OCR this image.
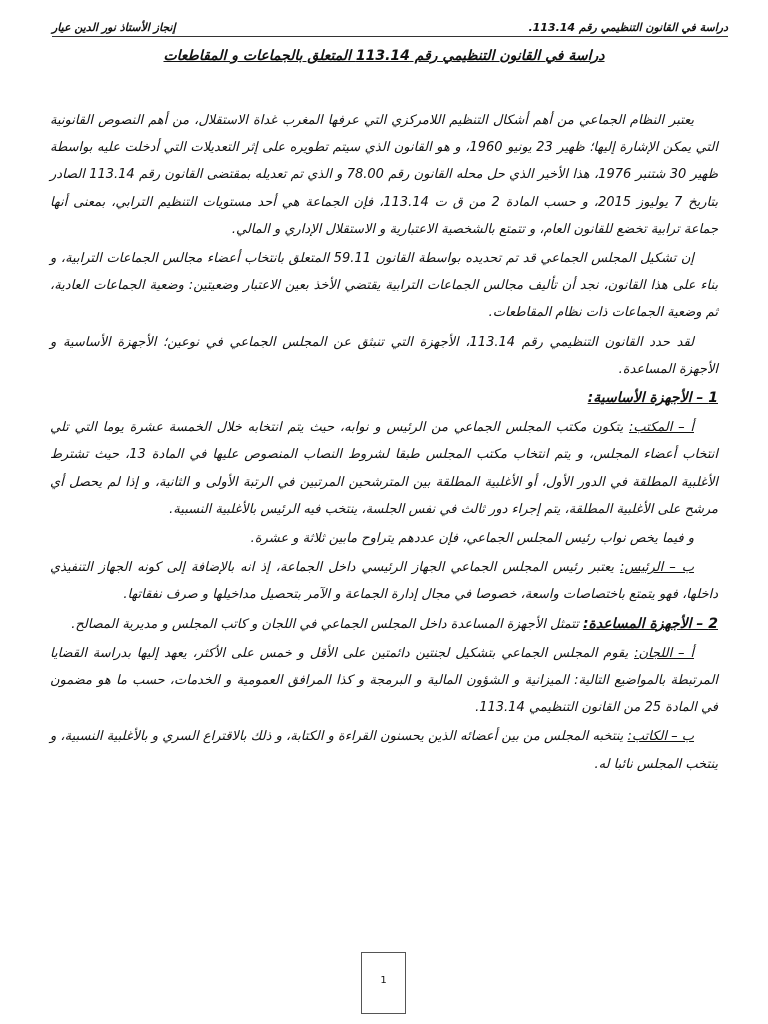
إنجاز الأستاذ نور الدين عيار	دراسة في القانون التنظيمي رقم 113.14.
دراسة في القانون التنظيمي رقم 113.14 المتعلق بالجماعات و المقاطعات

يعتبر النظام الجماعي من أهم أشكال التنظيم اللامركزي التي عرفها المغرب غداة الاستقلال، من أهم النصوص القانونية التي يمكن الإشارة إليها؛ ظهير 23 يونيو 1960، و هو القانون الذي سيتم تطويره على إثر التعديلات التي أدخلت عليه بواسطة ظهير 30 شتنبر 1976، هذا الأخير الذي حل محله القانون رقم 78.00 و الذي تم تعديله بمقتضى القانون رقم 113.14 الصادر بتاريخ 7 يوليوز 2015، و حسب المادة 2 من ق ت 113.14، فإن الجماعة هي أحد مستويات التنظيم الترابي، بمعنى أنها جماعة ترابية تخضع للقانون العام، و تتمتع بالشخصية الاعتبارية و الاستقلال الإداري و المالي.

إن تشكيل المجلس الجماعي قد تم تحديده بواسطة القانون 59.11 المتعلق بانتخاب أعضاء مجالس الجماعات الترابية، و بناء على هذا القانون، نجد أن تأليف مجالس الجماعات الترابية يقتضي الأخذ بعين الاعتبار وضعيتين: وضعية الجماعات العادية، ثم وضعية الجماعات ذات نظام المقاطعات.

لقد حدد القانون التنظيمي رقم 113.14، الأجهزة التي تنبثق عن المجلس الجماعي في نوعين؛ الأجهزة الأساسية و الأجهزة المساعدة.

1 – الأجهزة الأساسية:

أ – المكتب: يتكون مكتب المجلس الجماعي من الرئيس و نوابه، حيث يتم انتخابه خلال الخمسة عشرة يوما التي تلي انتخاب أعضاء المجلس، و يتم انتخاب مكتب المجلس طبقا لشروط النصاب المنصوص عليها في المادة 13، حيث تشترط الأغلبية المطلقة في الدور الأول، أو الأغلبية المطلقة بين المترشحين المرتبين في الرتبة الأولى و الثانية، و إذا لم يحصل أي مرشح على الأغلبية المطلقة، يتم إجراء دور ثالث في نفس الجلسة، ينتخب فيه الرئيس بالأغلبية النسبية.

و فيما يخص نواب رئيس المجلس الجماعي، فإن عددهم يتراوح مابين ثلاثة و عشرة.

ب – الرئيس: يعتبر رئيس المجلس الجماعي الجهاز الرئيسي داخل الجماعة، إذ انه بالإضافة إلى كونه الجهاز التنفيذي داخلها، فهو يتمتع باختصاصات واسعة، خصوصا في مجال إدارة الجماعة و الآمر بتحصيل مداخيلها و صرف نفقاتها.

2 – الأجهزة المساعدة: تتمثل الأجهزة المساعدة داخل المجلس الجماعي في اللجان و كاتب المجلس و مديرية المصالح.

أ – اللجان: يقوم المجلس الجماعي بتشكيل لجنتين دائمتين على الأقل و خمس على الأكثر، يعهد إليها بدراسة القضايا المرتبطة بالمواضيع التالية: الميزانية و الشؤون المالية و البرمجة و كذا المرافق العمومية و الخدمات، حسب ما هو مضمون في المادة 25 من القانون التنظيمي 113.14.

ب – الكاتب: ينتخبه المجلس من بين أعضائه الذين يحسنون القراءة و الكتابة، و ذلك بالاقتراع السري و بالأغلبية النسبية، و ينتخب المجلس نائبا له.

1
